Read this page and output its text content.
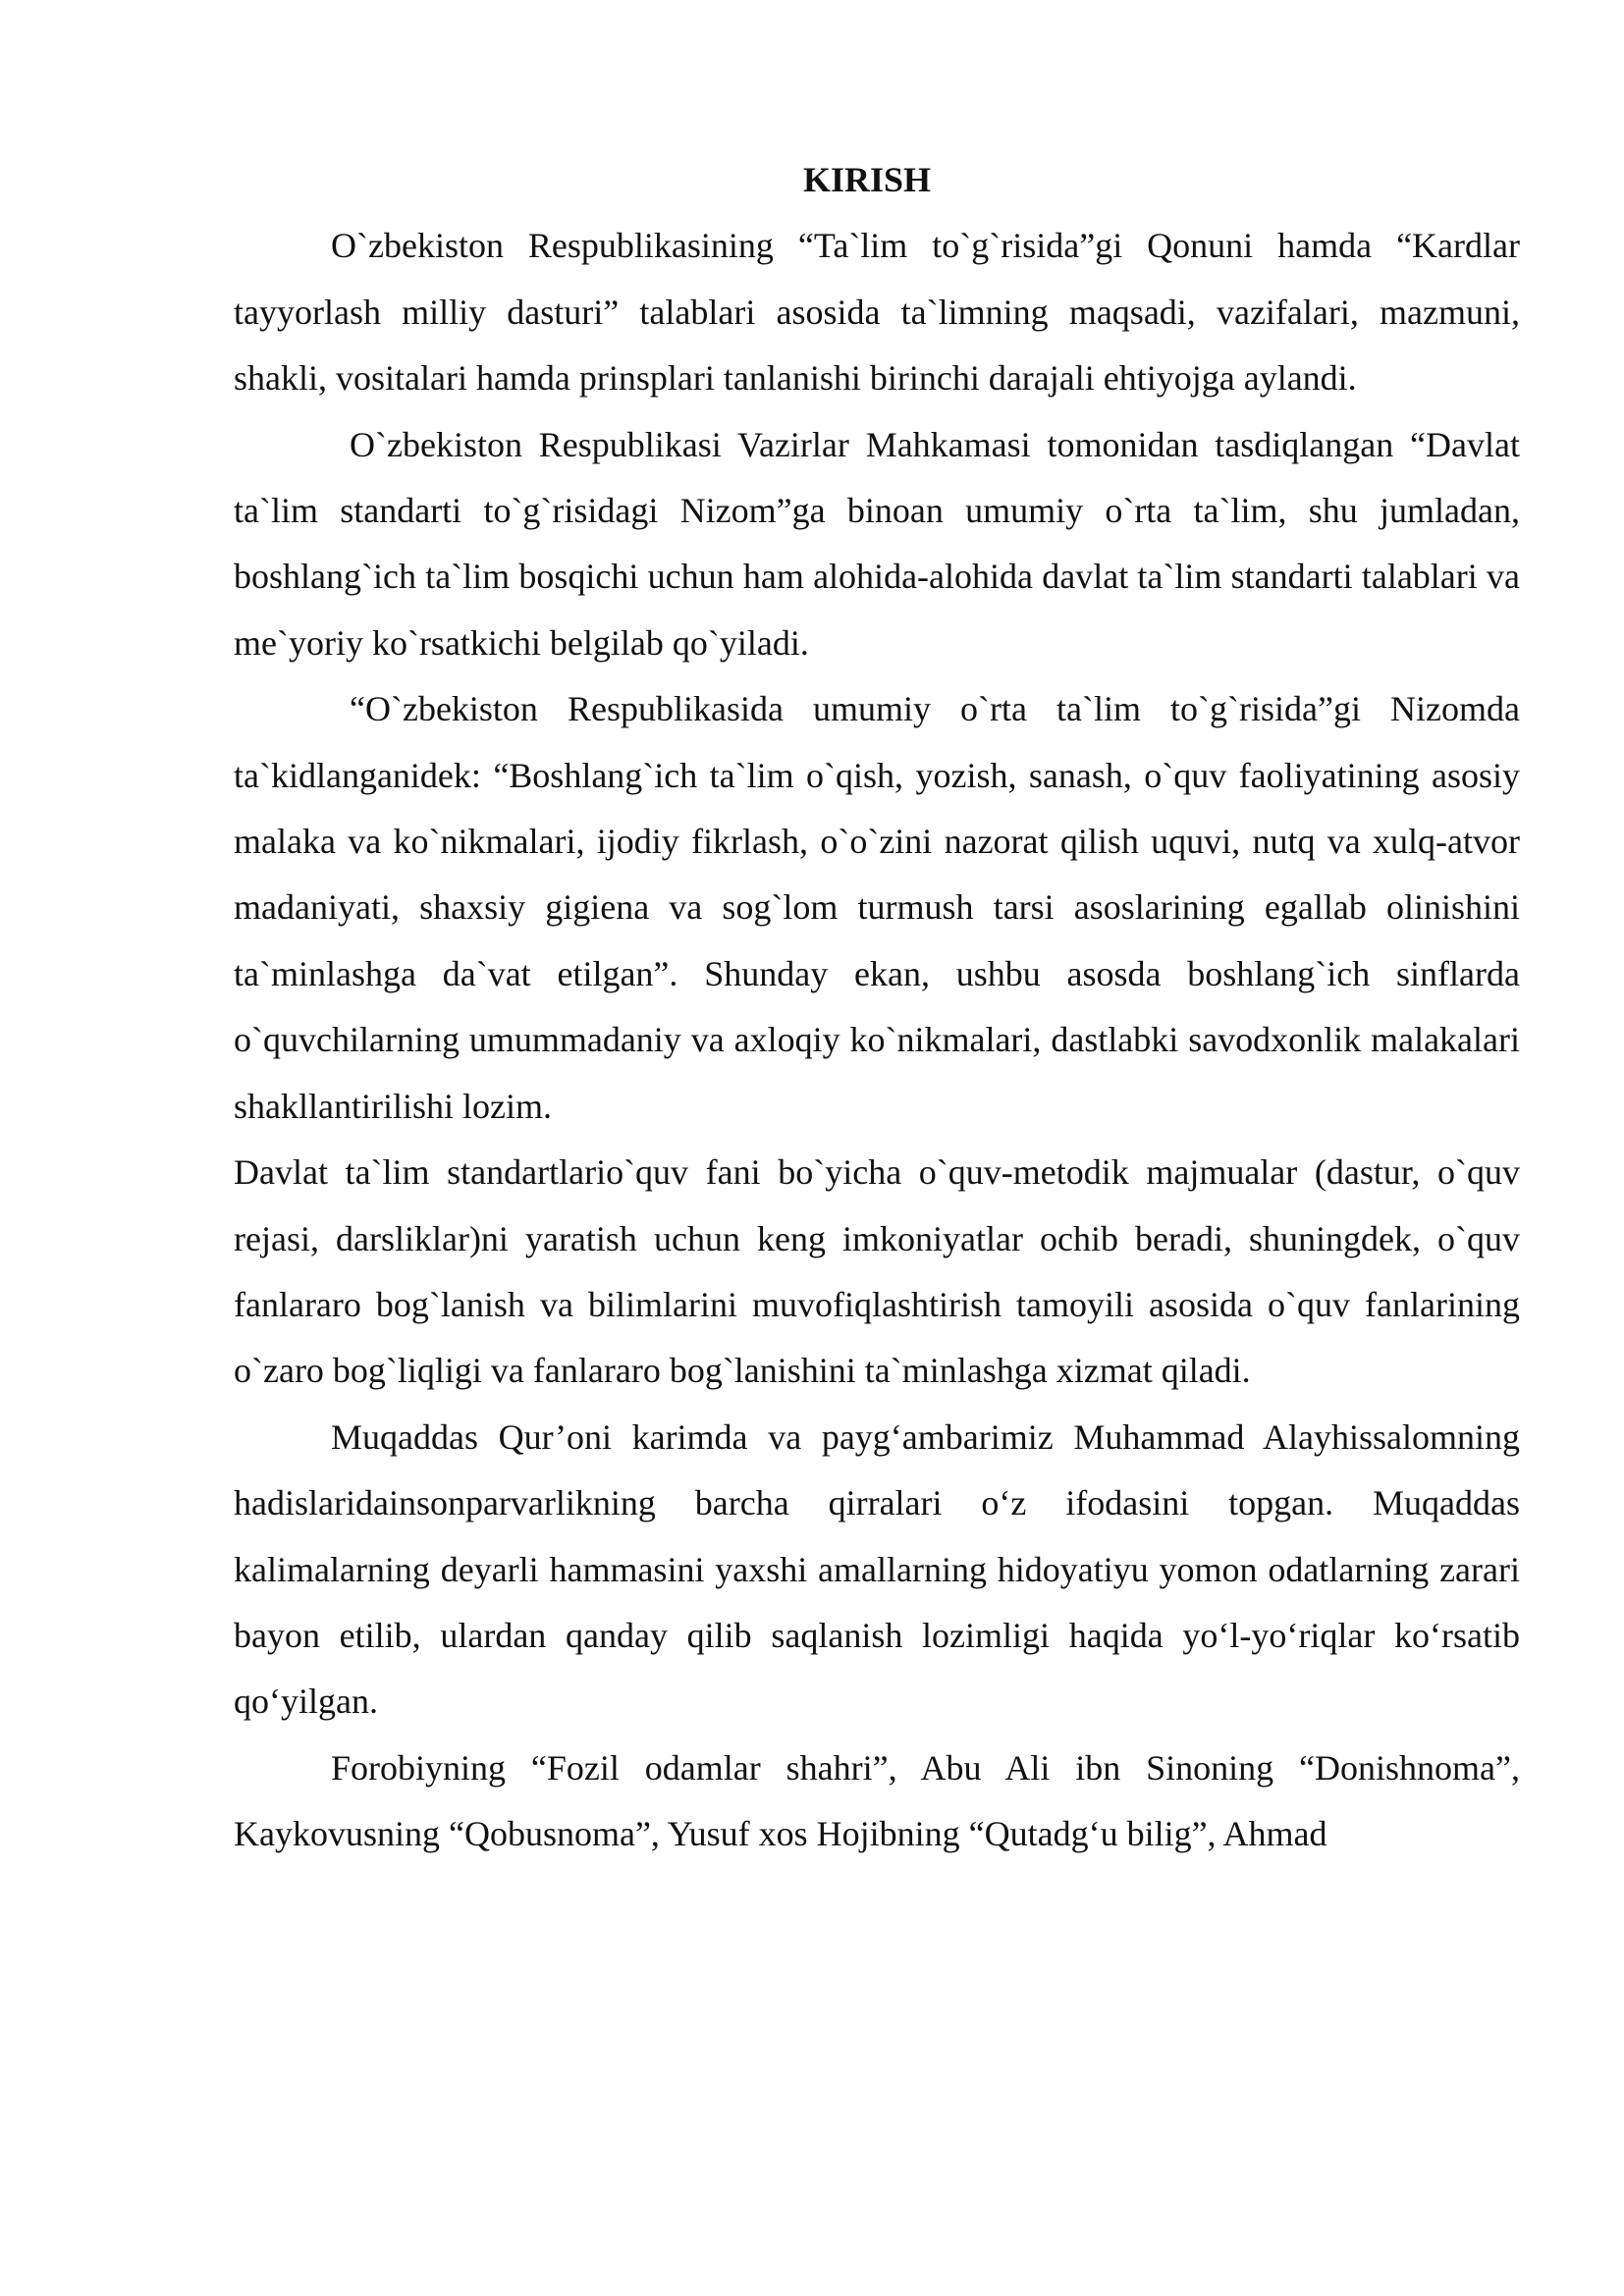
KIRISH

O`zbekiston Respublikasining “Ta`lim to`g`risida”gi Qonuni hamda “Kardlar tayyorlash milliy dasturi” talablari asosida ta`limning maqsadi, vazifalari, mazmuni, shakli, vositalari hamda prinsplari tanlanishi birinchi darajali ehtiyojga aylandi.

O`zbekiston Respublikasi Vazirlar Mahkamasi tomonidan tasdiqlangan “Davlat ta`lim standarti to`g`risidagi Nizom”ga binoan umumiy o`rta ta`lim, shu jumladan, boshlang`ich ta`lim bosqichi uchun ham alohida-alohida davlat ta`lim standarti talablari va me`yoriy ko`rsatkichi belgilab qo`yiladi.

“O`zbekiston Respublikasida umumiy o`rta ta`lim to`g`risida”gi Nizomda ta`kidlanganidek: “Boshlang`ich ta`lim o`qish, yozish, sanash, o`quv faoliyatining asosiy malaka va ko`nikmalari, ijodiy fikrlash, o`o`zini nazorat qilish uquvi, nutq va xulq-atvor madaniyati, shaxsiy gigiena va sog`lom turmush tarsi asoslarining egallab olinishini ta`minlashga da`vat etilgan”. Shunday ekan, ushbu asosda boshlang`ich sinflarda o`quvchilarning umummadaniy va axloqiy ko`nikmalari, dastlabki savodxonlik malakalari shakllantirilishi lozim.

Davlat ta`lim standartlario`quv fani bo`yicha o`quv-metodik majmualar (dastur, o`quv rejasi, darsliklar)ni yaratish uchun keng imkoniyatlar ochib beradi, shuningdek, o`quv fanlararo bog`lanish va bilimlarini muvofiqlashtirish tamoyili asosida o`quv fanlarining o`zaro bog`liqligi va fanlararo bog`lanishini ta`minlashga xizmat qiladi.

Muqaddas Qur’oni karimda va payg‘ambarimiz Muhammad Alayhissalomning hadislaridainsonparvarlikning barcha qirralari o‘z ifodasini topgan. Muqaddas kalimalarning deyarli hammasini yaxshi amallarning hidoyatiyu yomon odatlarning zarari bayon etilib, ulardan qanday qilib saqlanish lozimligi haqida yo‘l-yo‘riqlar ko‘rsatib qo‘yilgan.

Forobiyning “Fozil odamlar shahri”, Abu Ali ibn Sinoning “Donishnoma”, Kaykovusning “Qobusnoma”, Yusuf xos Hojibning “Qutadg‘u bilig”, Ahmad
